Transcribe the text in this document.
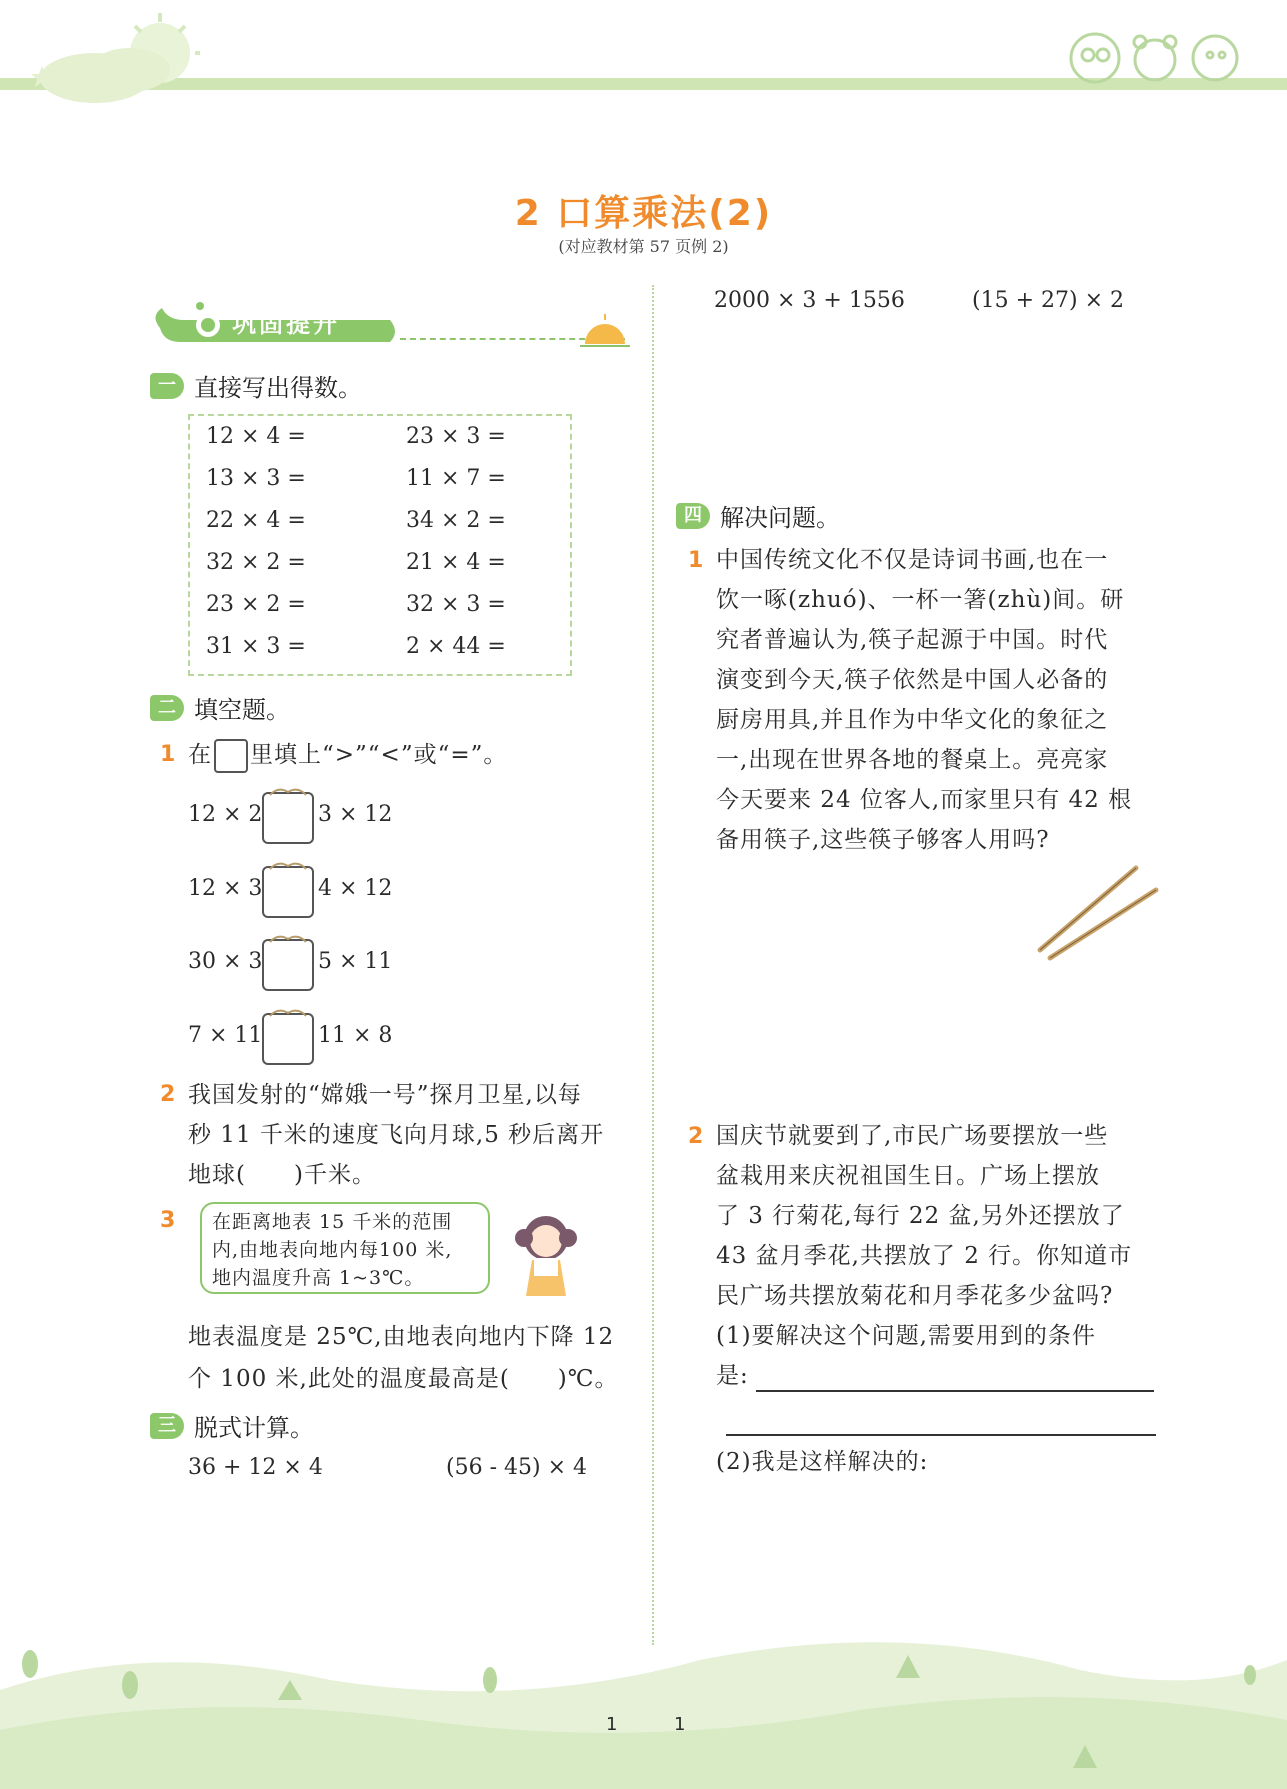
2 口算乘法(2)
(对应教材第 57 页例 2)
巩固提升
一 直接写出得数。
12 × 4 =	23 × 3 =
13 × 3 =	11 × 7 =
22 × 4 =	34 × 2 =
32 × 2 =	21 × 4 =
23 × 2 =	32 × 3 =
31 × 3 =	2 × 44 =
二 填空题。
1 在 里填上“>”“<”或“=”。
12 × 2	3 × 12
12 × 3	4 × 12
30 × 3	5 × 11
7 × 11	11 × 8
2 我国发射的“嫦娥一号”探月卫星,以每
秒 11 千米的速度飞向月球,5 秒后离开
地球(　　)千米。
3 在距离地表 15 千米的范围
内,由地表向地内每100 米,
地内温度升高 1~3℃。
地表温度是 25℃,由地表向地内下降 12
个 100 米,此处的温度最高是(　　)℃。
三 脱式计算。
36 + 12 × 4	(56 - 45) × 4
2000 × 3 + 1556	(15 + 27) × 2
四 解决问题。
1 中国传统文化不仅是诗词书画,也在一
饮一啄(zhuó)、一杯一箸(zhù)间。研
究者普遍认为,筷子起源于中国。时代
演变到今天,筷子依然是中国人必备的
厨房用具,并且作为中华文化的象征之
一,出现在世界各地的餐桌上。亮亮家
今天要来 24 位客人,而家里只有 42 根
备用筷子,这些筷子够客人用吗?
2 国庆节就要到了,市民广场要摆放一些
盆栽用来庆祝祖国生日。广场上摆放
了 3 行菊花,每行 22 盆,另外还摆放了
43 盆月季花,共摆放了 2 行。你知道市
民广场共摆放菊花和月季花多少盆吗?
(1)要解决这个问题,需要用到的条件
是:
(2)我是这样解决的:
1	1
